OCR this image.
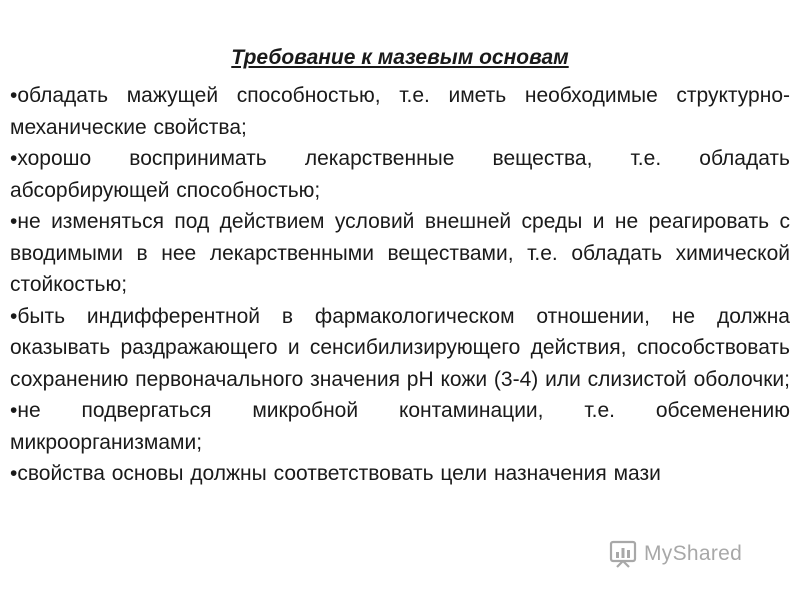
Требование к мазевым основам

•обладать мажущей способностью, т.е. иметь необходимые структурно-механические свойства;

•хорошо воспринимать лекарственные вещества, т.е. обладать абсорбирующей способностью;

•не изменяться под действием условий внешней среды и не реагировать с вводимыми в нее лекарственными веществами, т.е. обладать химической стойкостью;

•быть индифферентной в фармакологическом отношении, не должна оказывать раздражающего и сенсибилизирующего действия, способствовать сохранению первоначального значения рН кожи (3-4) или слизистой оболочки;

•не подвергаться микробной контаминации, т.е. обсеменению микроорганизмами;

•свойства основы должны соответствовать цели назначения мази

MyShared
